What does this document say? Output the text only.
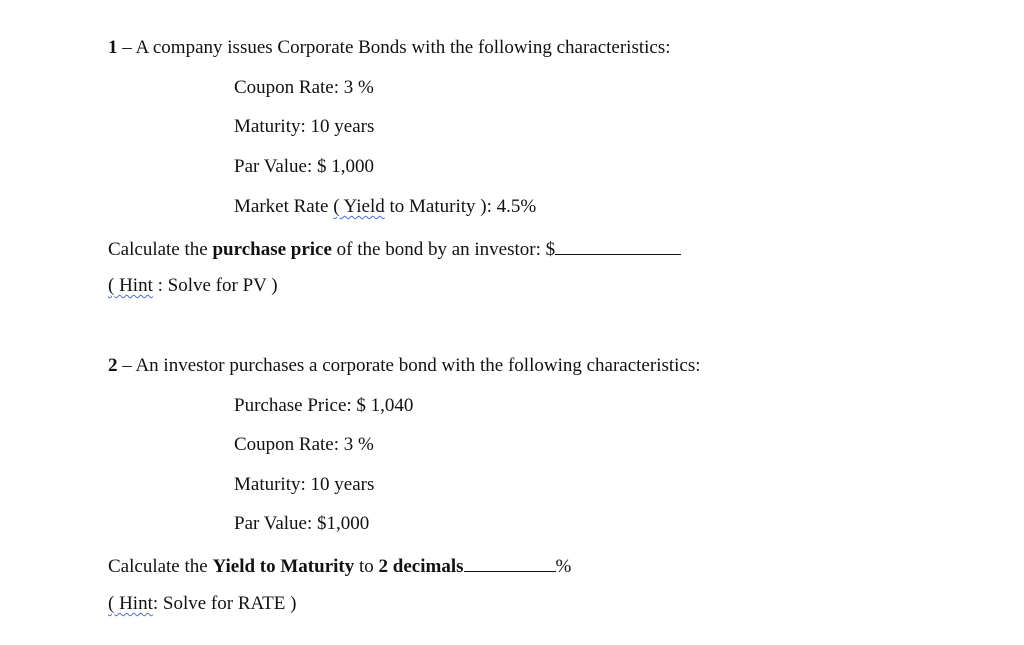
1 – A company issues Corporate Bonds with the following characteristics:
Coupon Rate: 3 %
Maturity: 10 years
Par Value: $ 1,000
Market Rate ( Yield to Maturity ): 4.5%
Calculate the purchase price of the bond by an investor: $
( Hint : Solve for PV )
2 – An investor purchases a corporate bond with the following characteristics:
Purchase Price: $ 1,040
Coupon Rate: 3 %
Maturity: 10 years
Par Value: $1,000
Calculate the Yield to Maturity to 2 decimals	%
( Hint: Solve for RATE )
